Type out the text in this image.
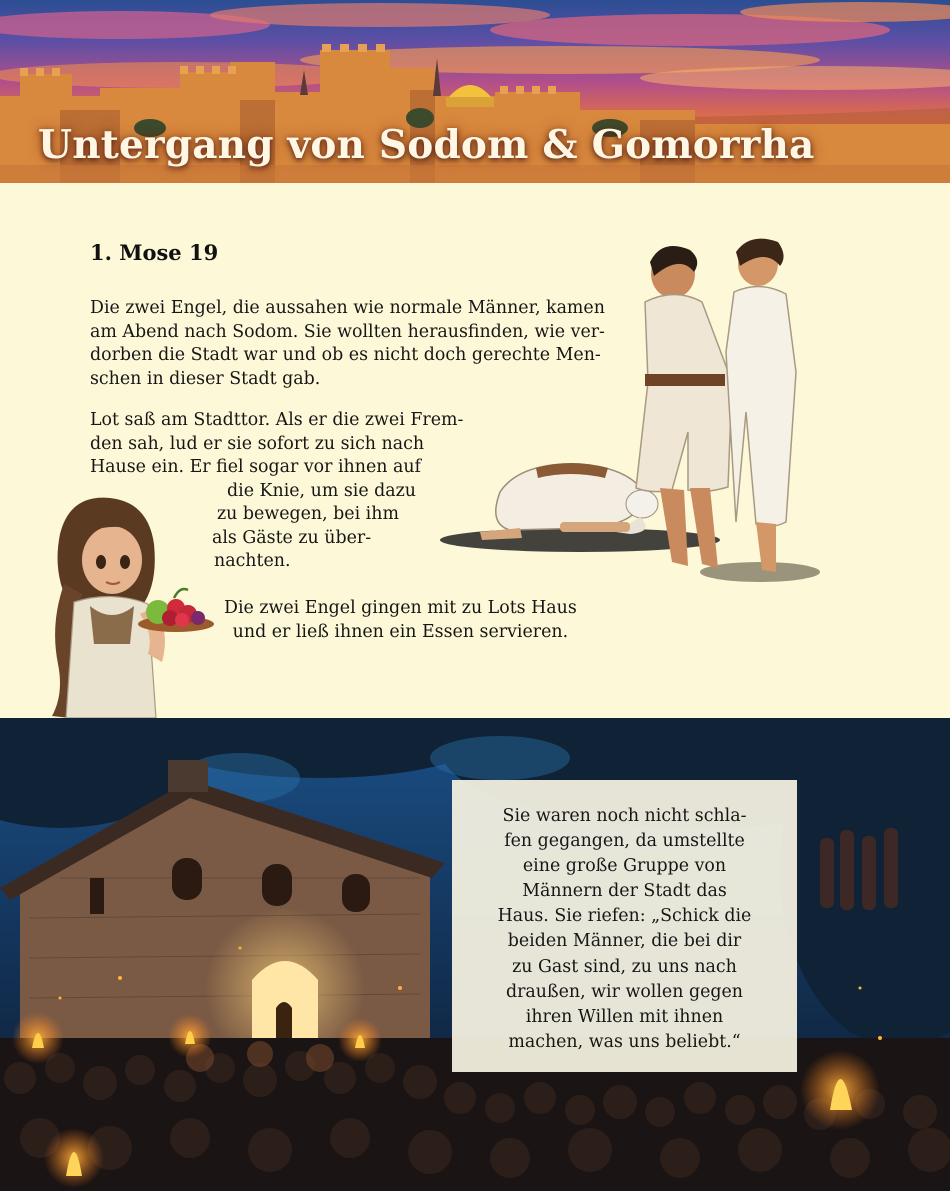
Untergang von Sodom & Gomorrha
1. Mose 19

Die zwei Engel, die aussahen wie normale Männer, kamen
am Abend nach Sodom. Sie wollten herausfinden, wie ver-
dorben die Stadt war und ob es nicht doch gerechte Men-
schen in dieser Stadt gab.

Lot saß am Stadttor. Als er die zwei Frem-
den sah, lud er sie sofort zu sich nach
Hause ein. Er fiel sogar vor ihnen auf
die Knie, um sie dazu
zu bewegen, bei ihm
als Gäste zu über-
nachten.

Die zwei Engel gingen mit zu Lots Haus
und er ließ ihnen ein Essen servieren.

Sie waren noch nicht schla-
fen gegangen, da umstellte
eine große Gruppe von
Männern der Stadt das
Haus. Sie riefen: „Schick die
beiden Männer, die bei dir
zu Gast sind, zu uns nach
draußen, wir wollen gegen
ihren Willen mit ihnen
machen, was uns beliebt.“
